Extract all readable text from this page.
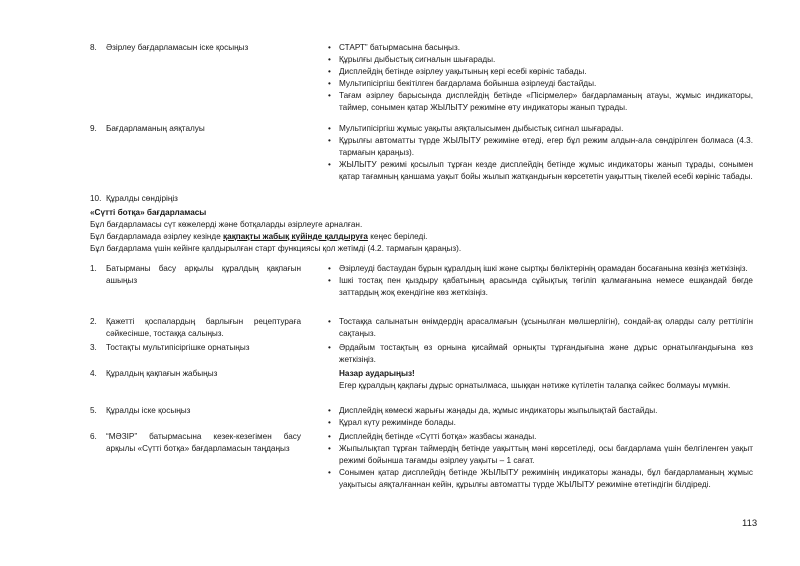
8.	Әзірлеу бағдарламасын іске қосыңыз	• СТАРТ” батырмасына басыңыз.
• Құрылғы дыбыстық сигналын шығарады.
• Дисплейдің бетінде әзірлеу уақытының кері есебі көрініс табады.
• Мультипісіргіш бекітілген бағдарлама бойынша әзірлеуді бастайды.
• Тағам әзірлеу барысында дисплейдің бетінде «Пісірмелер» бағдарламаның атауы, жұмыс индикаторы, таймер, сонымен қатар ЖЫЛЫТУ режиміне өту индикаторы жанып тұрады.
9.	Бағдарламаның аяқталуы	• Мультипісіргіш жұмыс уақыты аяқталысымен дыбыстық сигнал шығарады.
• Құрылғы автоматты түрде ЖЫЛЫТУ режиміне өтеді, егер бұл режим алдын-ала сөндірілген болмаса (4.3. тармағын қараңыз).
• ЖЫЛЫТУ режимі қосылып тұрған кезде дисплейдің бетінде жұмыс индикаторы жанып тұрады, сонымен қатар тағамның қаншама уақыт бойы жылып жатқандығын көрсететін уақыттың тікелей есебі көрініс табады.
10. Құралды сөндіріңіз
«Сүтті ботқа» бағдарламасы
Бұл бағдарламасы сүт көжелерді және ботқаларды әзірлеуге арналған.
Бұл бағдарламада әзірлеу кезінде қақпақты жабық күйінде қалдыруға кеңес беріледі.
Бұл бағдарлама үшін кейінге қалдырылған старт функциясы қол жетімді (4.2. тармағын қараңыз).
1.	Батырманы басу арқылы құралдың қақпағын ашыңыз
• Әзірлеуді бастаудан бұрын құралдың ішкі және сыртқы бөліктерінің орамадан босағанына көзіңіз жеткізіңіз.
• Ішкі тостақ пен қыздыру қабатының арасында сұйықтық төгіліп қалмағанына немесе ешқандай бөгде заттардың жоқ екендігіне көз жеткізіңіз.
2.	Қажетті қоспалардың барлығын рецептураға сәйкесінше, тостаққа салыңыз.
• Тостаққа салынатын өнімдердің арасалмағын (ұсынылған мөлшерлігін), сондай-ақ оларды салу реттілігін сақтаңыз.
3.	Тостақты мультипісіргішке орнатыңыз	• Әрдайым тостақтың өз орнына қисаймай орнықты тұрғандығына және дұрыс орнатылғандығына көз жеткізіңіз.
4.	Құралдың қақпағын жабыңыз	Назар аударыңыз!
Егер құралдың қақпағы дұрыс орнатылмаса, шыққан нәтиже күтілетін талапқа сәйкес болмауы мүмкін.
5.	Құралды іске қосыңыз	• Дисплейдің көмескі жарығы жаңады да, жұмыс индикаторы жыпылықтай бастайды.
• Құрал күту режимінде болады.
6.	“МӘЗІР” батырмасына кезек-кезегімен басу арқылы «Сүтті ботқа» бағдарламасын таңдаңыз
• Дисплейдің бетінде «Сүтті ботқа» жазбасы жанады.
• Жыпылықтап тұрған таймердің бетінде уақыттың мәні көрсетіледі, осы бағдарлама үшін белгіленген уақыт режимі бойынша тағамды әзірлеу уақыты – 1 сағат.
• Сонымен қатар дисплейдің бетінде ЖЫЛЫТУ режимінің индикаторы жанады, бұл бағдарламаның жұмыс уақытысы аяқталғаннан кейін, құрылғы автоматты түрде ЖЫЛЫТУ режиміне өтетіндігін білдіреді.
113
